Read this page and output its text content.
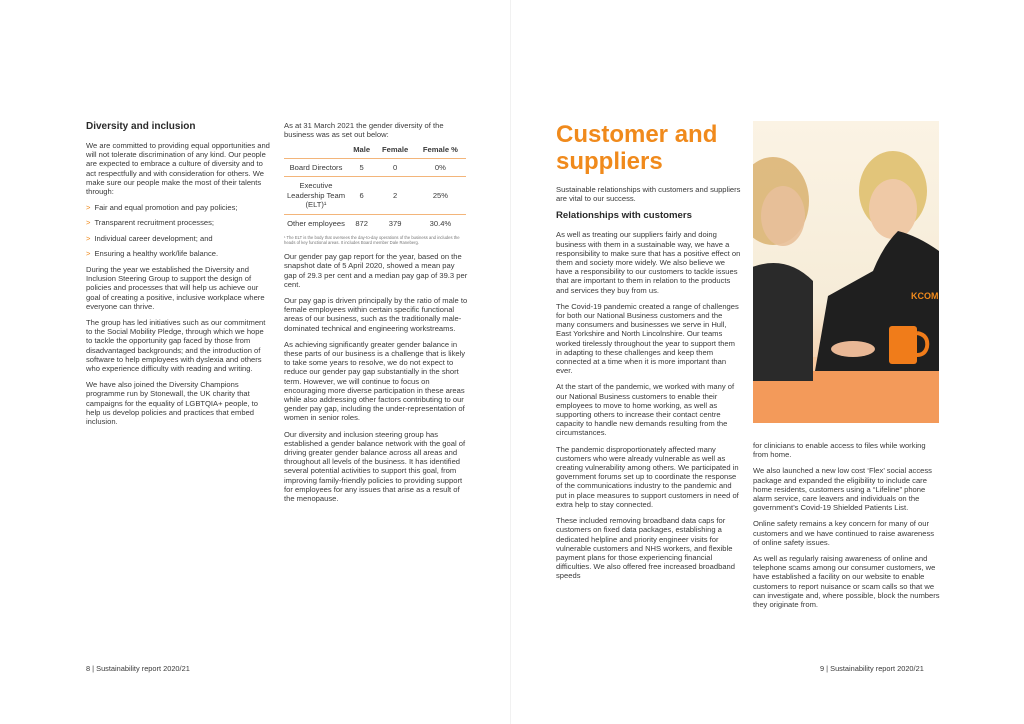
Diversity and inclusion

We are committed to providing equal opportunities and will not tolerate discrimination of any kind. Our people are expected to embrace a culture of diversity and to act respectfully and with consideration for others. We make sure our people make the most of their talents through:

> Fair and equal promotion and pay policies;
> Transparent recruitment processes;
> Individual career development; and
> Ensuring a healthy work/life balance.

During the year we established the Diversity and Inclusion Steering Group to support the design of policies and processes that will help us achieve our goal of creating a positive, inclusive workplace where everyone can thrive.

The group has led initiatives such as our commitment to the Social Mobility Pledge, through which we hope to tackle the opportunity gap faced by those from disadvantaged backgrounds; and the introduction of software to help employees with dyslexia and others who experience difficulty with reading and writing.

We have also joined the Diversity Champions programme run by Stonewall, the UK charity that campaigns for the equality of LGBTQIA+ people, to help us develop policies and practices that embed inclusion.

As at 31 March 2021 the gender diversity of the business was as set out below:

	Male	Female	Female %
Board Directors	5	0	0%
Executive Leadership Team (ELT)¹	6	2	25%
Other employees	872	379	30.4%

¹ The ELT is the body that oversees the day-to-day operations of the business and includes the heads of key functional areas. It includes Board member Dale Raneberg.

Our gender pay gap report for the year, based on the snapshot date of 5 April 2020, showed a mean pay gap of 29.3 per cent and a median pay gap of 39.3 per cent.

Our pay gap is driven principally by the ratio of male to female employees within certain specific functional areas of our business, such as the traditionally male-dominated technical and engineering workstreams.

As achieving significantly greater gender balance in these parts of our business is a challenge that is likely to take some years to resolve, we do not expect to reduce our gender pay gap substantially in the short term. However, we will continue to focus on encouraging more diverse participation in these areas while also addressing other factors contributing to our gender pay gap, including the under-representation of women in senior roles.

Our diversity and inclusion steering group has established a gender balance network with the goal of driving greater gender balance across all areas and throughout all levels of the business. It has identified several potential activities to support this goal, from improving family-friendly policies to providing support for employees for any issues that arise as a result of the menopause.

8 | Sustainability report 2020/21
Customer and suppliers

Sustainable relationships with customers and suppliers are vital to our success.

Relationships with customers

As well as treating our suppliers fairly and doing business with them in a sustainable way, we have a responsibility to make sure that has a positive effect on them and society more widely. We also believe we have a responsibility to our customers to tackle issues that are important to them in relation to the products and services they buy from us.

The Covid-19 pandemic created a range of challenges for both our National Business customers and the many consumers and businesses we serve in Hull, East Yorkshire and North Lincolnshire. Our teams worked tirelessly throughout the year to support them in adapting to these challenges and keep them connected at a time when it is more important than ever.

At the start of the pandemic, we worked with many of our National Business customers to enable their employees to move to home working, as well as supporting others to increase their contact centre capacity to handle new demands resulting from the circumstances.

The pandemic disproportionately affected many customers who were already vulnerable as well as creating vulnerability among others. We participated in government forums set up to coordinate the response of the communications industry to the pandemic and put in place measures to support customers in need of extra help to stay connected.

These included removing broadband data caps for customers on fixed data packages, establishing a dedicated helpline and priority engineer visits for vulnerable customers and NHS workers, and flexible payment plans for those experiencing financial difficulties. We also offered free increased broadband speeds

KCOM

for clinicians to enable access to files while working from home.

We also launched a new low cost ‘Flex’ social access package and expanded the eligibility to include care home residents, customers using a “Lifeline” phone alarm service, care leavers and individuals on the government’s Covid-19 Shielded Patients List.

Online safety remains a key concern for many of our customers and we have continued to raise awareness of online safety issues.

As well as regularly raising awareness of online and telephone scams among our consumer customers, we have established a facility on our website to enable customers to report nuisance or scam calls so that we can investigate and, where possible, block the numbers they originate from.

9 | Sustainability report 2020/21
